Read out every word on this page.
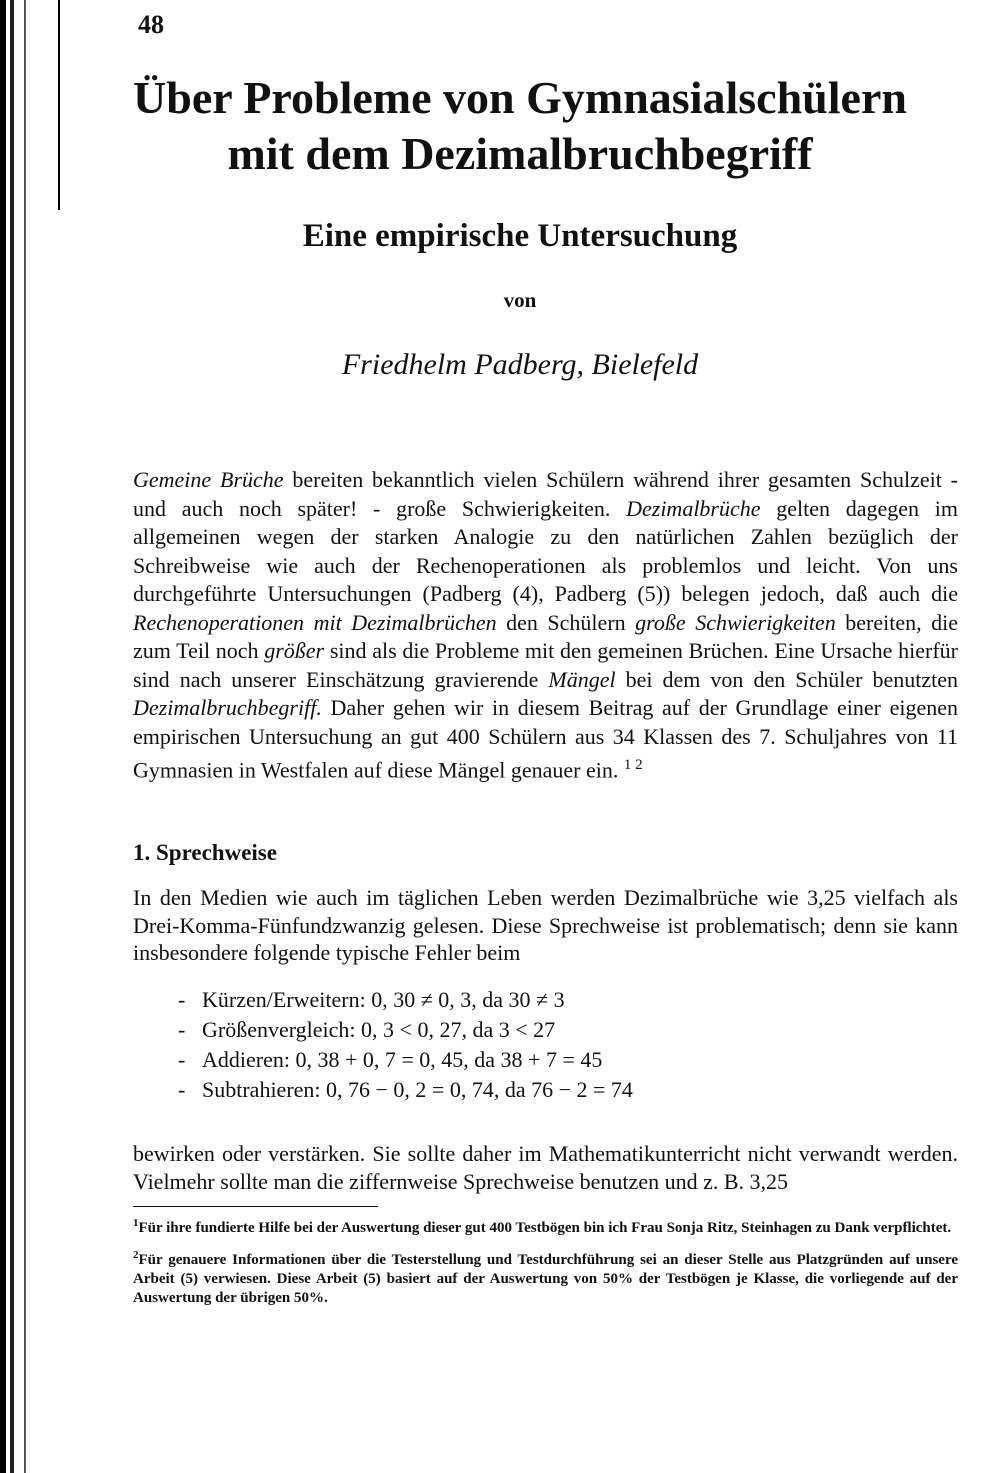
48
Über Probleme von Gymnasialschülern
mit dem Dezimalbruchbegriff
Eine empirische Untersuchung
von
Friedhelm Padberg, Bielefeld
Gemeine Brüche bereiten bekanntlich vielen Schülern während ihrer gesamten Schulzeit - und auch noch später! - große Schwierigkeiten. Dezimalbrüche gelten dagegen im allgemeinen wegen der starken Analogie zu den natürlichen Zahlen bezüglich der Schreibweise wie auch der Rechenoperationen als problemlos und leicht. Von uns durchgeführte Untersuchungen (Padberg (4), Padberg (5)) belegen jedoch, daß auch die Rechenoperationen mit Dezimalbrüchen den Schülern große Schwierigkeiten bereiten, die zum Teil noch größer sind als die Probleme mit den gemeinen Brüchen. Eine Ursache hierfür sind nach unserer Einschätzung gravierende Mängel bei dem von den Schüler benutzten Dezimalbruchbegriff. Daher gehen wir in diesem Beitrag auf der Grundlage einer eigenen empirischen Untersuchung an gut 400 Schülern aus 34 Klassen des 7. Schuljahres von 11 Gymnasien in Westfalen auf diese Mängel genauer ein. $^{1 2}$
1. Sprechweise
In den Medien wie auch im täglichen Leben werden Dezimalbrüche wie 3,25 vielfach als Drei-Komma-Fünfundzwanzig gelesen. Diese Sprechweise ist problematisch; denn sie kann insbesondere folgende typische Fehler beim
- Kürzen/Erweitern: 0, 30 ≠ 0, 3, da 30 ≠ 3
- Größenvergleich: 0, 3 < 0, 27, da 3 < 27
- Addieren: 0, 38 + 0, 7 = 0, 45, da 38 + 7 = 45
- Subtrahieren: 0, 76 − 0, 2 = 0, 74, da 76 − 2 = 74
bewirken oder verstärken. Sie sollte daher im Mathematikunterricht nicht verwandt werden. Vielmehr sollte man die ziffernweise Sprechweise benutzen und z. B. 3,25
$^1$Für ihre fundierte Hilfe bei der Auswertung dieser gut 400 Testbögen bin ich Frau Sonja Ritz, Steinhagen zu Dank verpflichtet.
$^2$Für genauere Informationen über die Testerstellung und Testdurchführung sei an dieser Stelle aus Platzgründen auf unsere Arbeit (5) verwiesen. Diese Arbeit (5) basiert auf der Auswertung von 50% der Testbögen je Klasse, die vorliegende auf der Auswertung der übrigen 50%.
